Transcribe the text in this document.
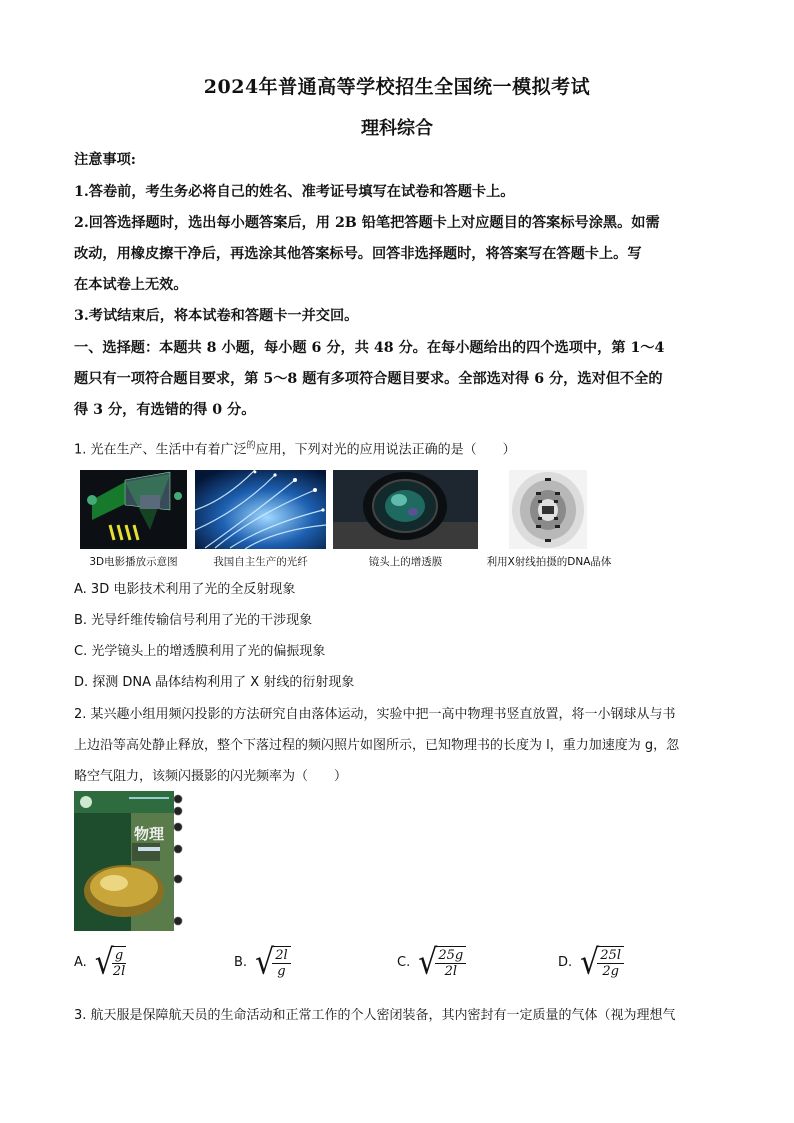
2024年普通高等学校招生全国统一模拟考试
理科综合
注意事项:
1.答卷前，考生务必将自己的姓名、准考证号填写在试卷和答题卡上。
2.回答选择题时，选出每小题答案后，用 2B 铅笔把答题卡上对应题目的答案标号涂黑。如需
改动，用橡皮擦干净后，再选涂其他答案标号。回答非选择题时，将答案写在答题卡上。写
在本试卷上无效。
3.考试结束后，将本试卷和答题卡一并交回。
一、选择题：本题共 8 小题，每小题 6 分，共 48 分。在每小题给出的四个选项中，第 1～4
题只有一项符合题目要求，第 5～8 题有多项符合题目要求。全部选对得 6 分，选对但不全的
得 3 分，有选错的得 0 分。
1. 光在生产、生活中有着广泛$^的$应用，下列对光的应用说法正确的是（　　）
3D电影播放示意图	我国自主生产的光纤	镜头上的增透膜	利用X射线拍摄的DNA晶体
A. 3D 电影技术利用了光的全反射现象
B. 光导纤维传输信号利用了光的干涉现象
C. 光学镜头上的增透膜利用了光的偏振现象
D. 探测 DNA 晶体结构利用了 X 射线的衍射现象
2. 某兴趣小组用频闪投影的方法研究自由落体运动，实验中把一高中物理书竖直放置，将一小钢球从与书
上边沿等高处静止释放，整个下落过程的频闪照片如图所示，已知物理书的长度为 l，重力加速度为 g，忽
略空气阻力，该频闪摄影的闪光频率为（　　）
物理
A. √
$\frac{g}{2l}$	B. √
$\frac{2l}{g}$	C. √
$\frac{25g}{2l}$	D. √
$\frac{25l}{2g}$
3. 航天服是保障航天员的生命活动和正常工作的个人密闭装备，其内密封有一定质量的气体（视为理想气
